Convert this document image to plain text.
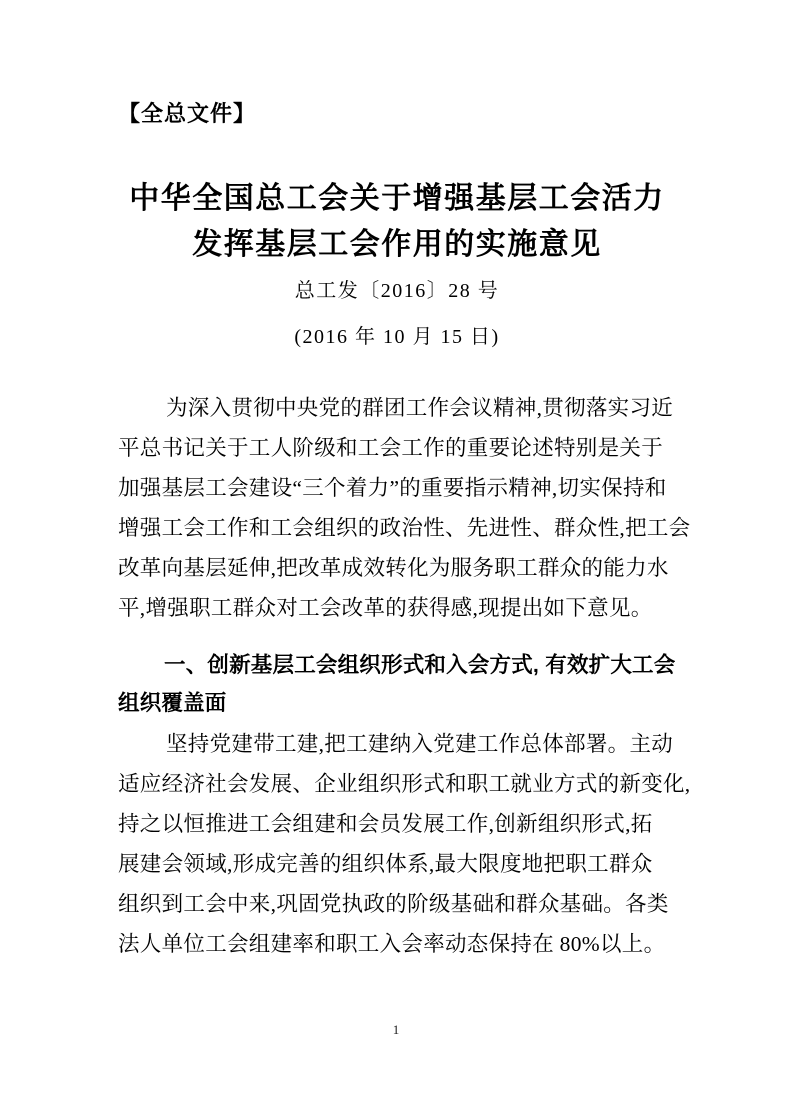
【全总文件】
中华全国总工会关于增强基层工会活力
发挥基层工会作用的实施意见
总工发〔2016〕28 号
(2016 年 10 月 15 日)
为深入贯彻中央党的群团工作会议精神,贯彻落实习近
平总书记关于工人阶级和工会工作的重要论述特别是关于
加强基层工会建设“三个着力”的重要指示精神,切实保持和
增强工会工作和工会组织的政治性、先进性、群众性,把工会
改革向基层延伸,把改革成效转化为服务职工群众的能力水
平,增强职工群众对工会改革的获得感,现提出如下意见。
一、创新基层工会组织形式和入会方式, 有效扩大工会
组织覆盖面
坚持党建带工建,把工建纳入党建工作总体部署。主动
适应经济社会发展、企业组织形式和职工就业方式的新变化,
持之以恒推进工会组建和会员发展工作,创新组织形式,拓
展建会领域,形成完善的组织体系,最大限度地把职工群众
组织到工会中来,巩固党执政的阶级基础和群众基础。各类
法人单位工会组建率和职工入会率动态保持在 80%以上。
1
